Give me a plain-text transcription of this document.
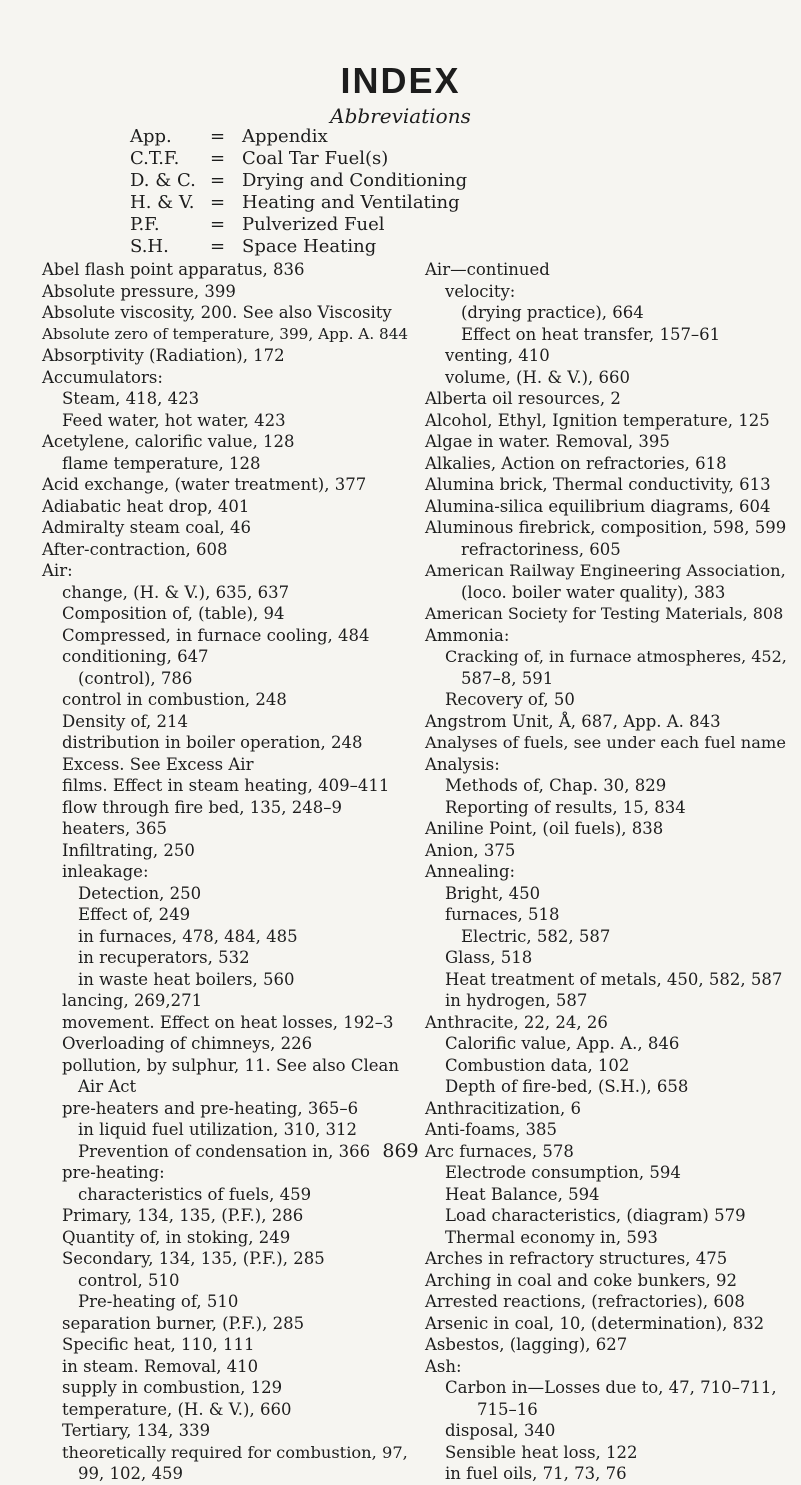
INDEX
Abbreviations
App. = Appendix
C.T.F. = Coal Tar Fuel(s)
D. & C. = Drying and Conditioning
H. & V. = Heating and Ventilating
P.F.	= Pulverized Fuel
S.H. = Space Heating
Abel flash point apparatus, 836
Absolute pressure, 399
Absolute viscosity, 200. See also Viscosity
Absolute zero of temperature, 399, App. A. 844
Absorptivity (Radiation), 172
Accumulators:
Steam, 418, 423
Feed water, hot water, 423
Acetylene, calorific value, 128
flame temperature, 128
Acid exchange, (water treatment), 377
Adiabatic heat drop, 401
Admiralty steam coal, 46
After-contraction, 608
Air:
change, (H. & V.), 635, 637
Composition of, (table), 94
Compressed, in furnace cooling, 484
conditioning, 647
(control), 786
control in combustion, 248
Density of, 214
distribution in boiler operation, 248
Excess. See Excess Air
films. Effect in steam heating, 409–411
flow through fire bed, 135, 248–9
heaters, 365
Infiltrating, 250
inleakage:
Detection, 250
Effect of, 249
in furnaces, 478, 484, 485
in recuperators, 532
in waste heat boilers, 560
lancing, 269,271
movement. Effect on heat losses, 192–3
Overloading of chimneys, 226
pollution, by sulphur, 11. See also Clean
Air Act
pre-heaters and pre-heating, 365–6
in liquid fuel utilization, 310, 312
Prevention of condensation in, 366
pre-heating:
characteristics of fuels, 459
Primary, 134, 135, (P.F.), 286
Quantity of, in stoking, 249
Secondary, 134, 135, (P.F.), 285
control, 510
Pre-heating of, 510
separation burner, (P.F.), 285
Specific heat, 110, 111
in steam. Removal, 410
supply in combustion, 129
temperature, (H. & V.), 660
Tertiary, 134, 339
theoretically required for combustion, 97,
99, 102, 459
Air—continued
velocity:
(drying practice), 664
Effect on heat transfer, 157–61
venting, 410
volume, (H. & V.), 660
Alberta oil resources, 2
Alcohol, Ethyl, Ignition temperature, 125
Algae in water. Removal, 395
Alkalies, Action on refractories, 618
Alumina brick, Thermal conductivity, 613
Alumina-silica equilibrium diagrams, 604
Aluminous firebrick, composition, 598, 599
refractoriness, 605
American Railway Engineering Association,
(loco. boiler water quality), 383
American Society for Testing Materials, 808
Ammonia:
Cracking of, in furnace atmospheres, 452,
587–8, 591
Recovery of, 50
Angstrom Unit, Å, 687, App. A. 843
Analyses of fuels, see under each fuel name
Analysis:
Methods of, Chap. 30, 829
Reporting of results, 15, 834
Aniline Point, (oil fuels), 838
Anion, 375
Annealing:
Bright, 450
furnaces, 518
Electric, 582, 587
Glass, 518
Heat treatment of metals, 450, 582, 587
in hydrogen, 587
Anthracite, 22, 24, 26
Calorific value, App. A., 846
Combustion data, 102
Depth of fire-bed, (S.H.), 658
Anthracitization, 6
Anti-foams, 385
Arc furnaces, 578
Electrode consumption, 594
Heat Balance, 594
Load characteristics, (diagram) 579
Thermal economy in, 593
Arches in refractory structures, 475
Arching in coal and coke bunkers, 92
Arrested reactions, (refractories), 608
Arsenic in coal, 10, (determination), 832
Asbestos, (lagging), 627
Ash:
Carbon in—Losses due to, 47, 710–711,
715–16
disposal, 340
Sensible heat loss, 122
in fuel oils, 71, 73, 76
869
